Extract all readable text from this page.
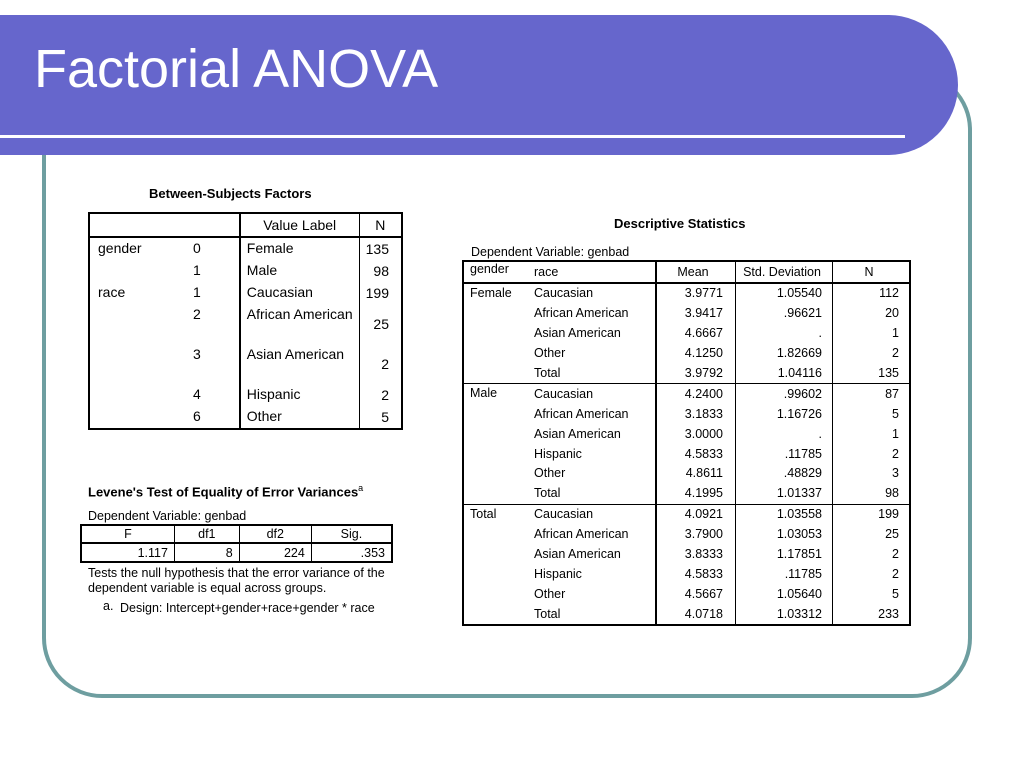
Factorial ANOVA
Between-Subjects Factors
		Value Label	N
gender	0	Female	135
	1	Male	98
race	1	Caucasian	199
	2	African American	25
	3	Asian American	2
	4	Hispanic	2
	6	Other	5
Levene's Test of Equality of Error Variances$^a$
Dependent Variable: genbad
F	df1	df2	Sig.
1.117	8	224	.353
Tests the null hypothesis that the error variance of the dependent variable is equal across groups.
a. Design: Intercept+gender+race+gender * race
Descriptive Statistics
Dependent Variable: genbad
gender	race	Mean	Std. Deviation	N
Female	Caucasian	3.9771	1.05540	112
	African American	3.9417	.96621	20
	Asian American	4.6667	.	1
	Other	4.1250	1.82669	2
	Total	3.9792	1.04116	135
Male	Caucasian	4.2400	.99602	87
	African American	3.1833	1.16726	5
	Asian American	3.0000	.	1
	Hispanic	4.5833	.11785	2
	Other	4.8611	.48829	3
	Total	4.1995	1.01337	98
Total	Caucasian	4.0921	1.03558	199
	African American	3.7900	1.03053	25
	Asian American	3.8333	1.17851	2
	Hispanic	4.5833	.11785	2
	Other	4.5667	1.05640	5
	Total	4.0718	1.03312	233
